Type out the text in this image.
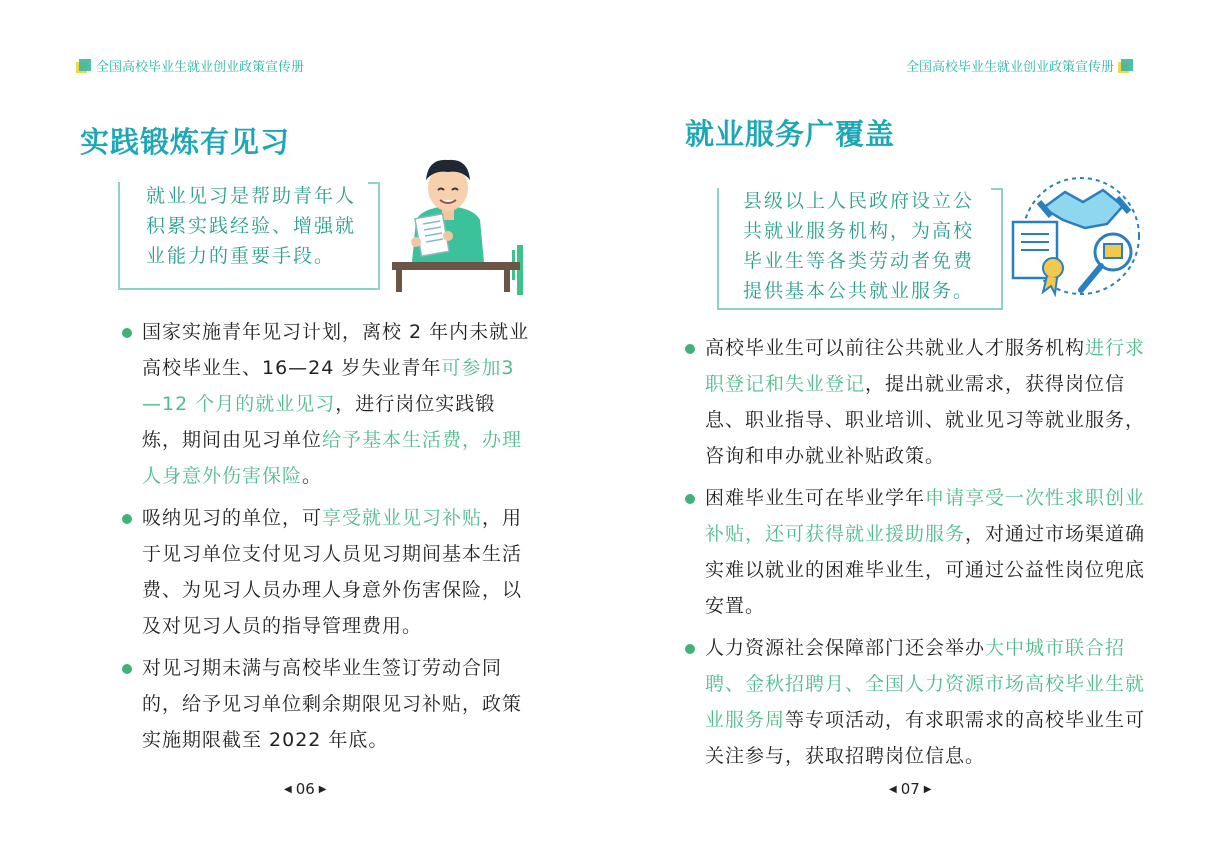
全国高校毕业生就业创业政策宣传册
实践锻炼有见习

就业见习是帮助青年人积累实践经验、增强就业能力的重要手段。

国家实施青年见习计划，离校 2 年内未就业高校毕业生、16—24 岁失业青年可参加3—12 个月的就业见习，进行岗位实践锻炼，期间由见习单位给予基本生活费，办理人身意外伤害保险。
吸纳见习的单位，可享受就业见习补贴，用于见习单位支付见习人员见习期间基本生活费、为见习人员办理人身意外伤害保险，以及对见习人员的指导管理费用。
对见习期未满与高校毕业生签订劳动合同的，给予见习单位剩余期限见习补贴，政策实施期限截至 2022 年底。
◀ 06 ▶
全国高校毕业生就业创业政策宣传册
就业服务广覆盖

县级以上人民政府设立公共就业服务机构，为高校毕业生等各类劳动者免费提供基本公共就业服务。

高校毕业生可以前往公共就业人才服务机构进行求职登记和失业登记，提出就业需求，获得岗位信息、职业指导、职业培训、就业见习等就业服务，咨询和申办就业补贴政策。
困难毕业生可在毕业学年申请享受一次性求职创业补贴，还可获得就业援助服务，对通过市场渠道确实难以就业的困难毕业生，可通过公益性岗位兜底安置。
人力资源社会保障部门还会举办大中城市联合招聘、金秋招聘月、全国人力资源市场高校毕业生就业服务周等专项活动，有求职需求的高校毕业生可关注参与，获取招聘岗位信息。
◀ 07 ▶
